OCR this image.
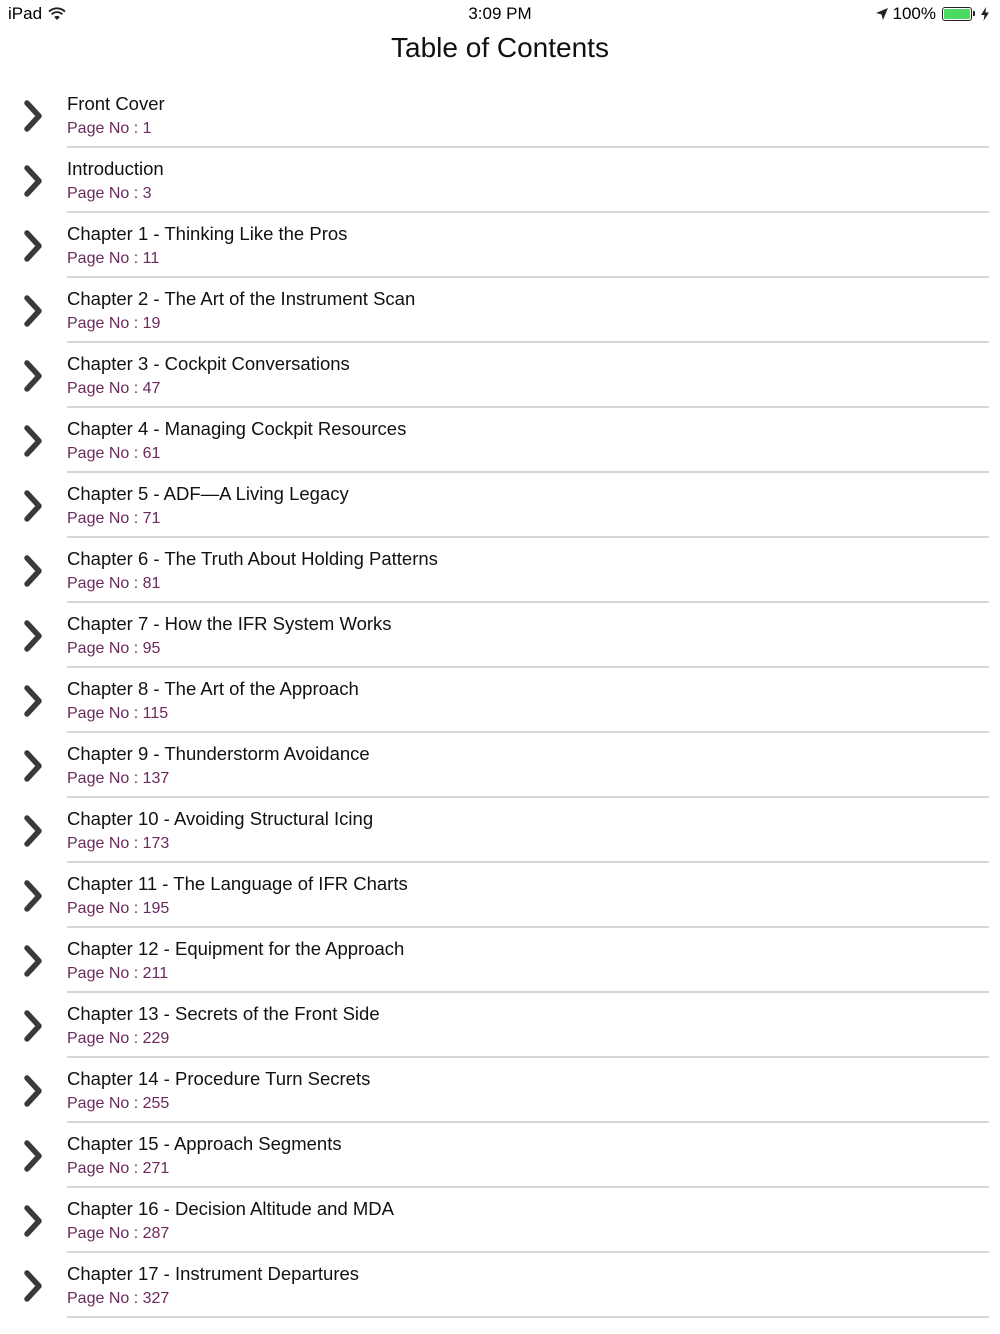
iPad	3:09 PM	100%
Table of Contents
Front Cover
Page No : 1
Introduction
Page No : 3
Chapter 1 - Thinking Like the Pros
Page No : 11
Chapter 2 - The Art of the Instrument Scan
Page No : 19
Chapter 3 - Cockpit Conversations
Page No : 47
Chapter 4 - Managing Cockpit Resources
Page No : 61
Chapter 5 - ADF—A Living Legacy
Page No : 71
Chapter 6 - The Truth About Holding Patterns
Page No : 81
Chapter 7 - How the IFR System Works
Page No : 95
Chapter 8 - The Art of the Approach
Page No : 115
Chapter 9 - Thunderstorm Avoidance
Page No : 137
Chapter 10 - Avoiding Structural Icing
Page No : 173
Chapter 11 - The Language of IFR Charts
Page No : 195
Chapter 12 - Equipment for the Approach
Page No : 211
Chapter 13 - Secrets of the Front Side
Page No : 229
Chapter 14 - Procedure Turn Secrets
Page No : 255
Chapter 15 - Approach Segments
Page No : 271
Chapter 16 - Decision Altitude and MDA
Page No : 287
Chapter 17 - Instrument Departures
Page No : 327
